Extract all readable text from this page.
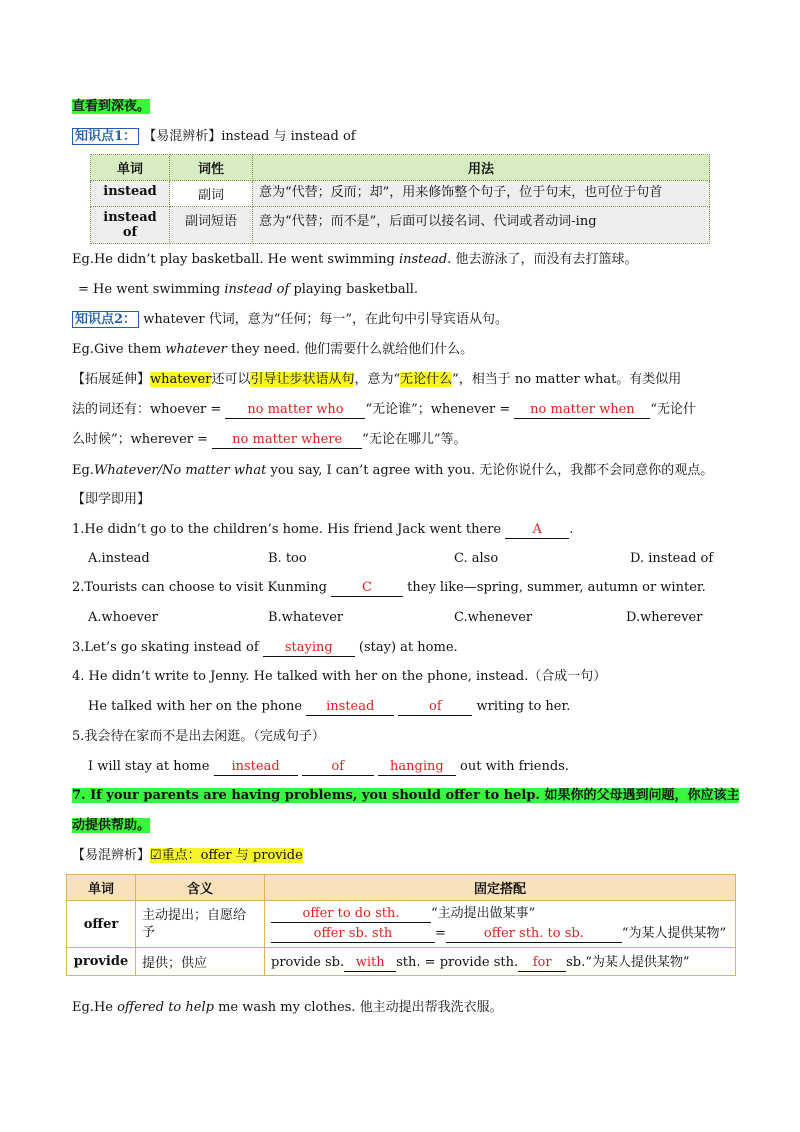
直看到深夜。
知识点1： 【易混辨析】instead 与 instead of
单词	词性	用法
instead	副词	意为“代替；反而；却”，用来修饰整个句子，位于句末，也可位于句首
instead of	副词短语	意为“代替；而不是”，后面可以接名词、代词或者动词-ing
Eg.He didn’t play basketball. He went swimming instead. 他去游泳了，而没有去打篮球。
= He went swimming instead of playing basketball.
知识点2： whatever 代词，意为“任何；每一”，在此句中引导宾语从句。
Eg.Give them whatever they need. 他们需要什么就给他们什么。
【拓展延伸】whatever还可以引导让步状语从句，意为“无论什么”，相当于 no matter what。有类似用
法的词还有：whoever = no matter who “无论谁”；whenever = no matter when “无论什
么时候”；wherever = no matter where “无论在哪儿”等。
Eg.Whatever/No matter what you say, I can’t agree with you. 无论你说什么，我都不会同意你的观点。
【即学即用】
1.He didn’t go to the children’s home. His friend Jack went there A .
A.instead	B. too	C. also	D. instead of
2.Tourists can choose to visit Kunming C they like—spring, summer, autumn or winter.
A.whoever	B.whatever	C.whenever	D.wherever
3.Let’s go skating instead of staying (stay) at home.
4. He didn’t write to Jenny. He talked with her on the phone, instead.（合成一句）
He talked with her on the phone instead	of writing to her.
5.我会待在家而不是出去闲逛。（完成句子）
I will stay at home instead	of	hanging out with friends.
7. If your parents are having problems, you should offer to help. 如果你的父母遇到问题，你应该主
动提供帮助。
【易混辨析】☑重点：offer 与 provide
单词	含义	固定搭配
offer	主动提出；自愿给予	offer to do sth. “主动提出做某事”
offer sb. sth = offer sth. to sb. “为某人提供某物”

provide	提供；供应	provide sb. with sth. = provide sth. for sb.“为某人提供某物”
Eg.He offered to help me wash my clothes. 他主动提出帮我洗衣服。
